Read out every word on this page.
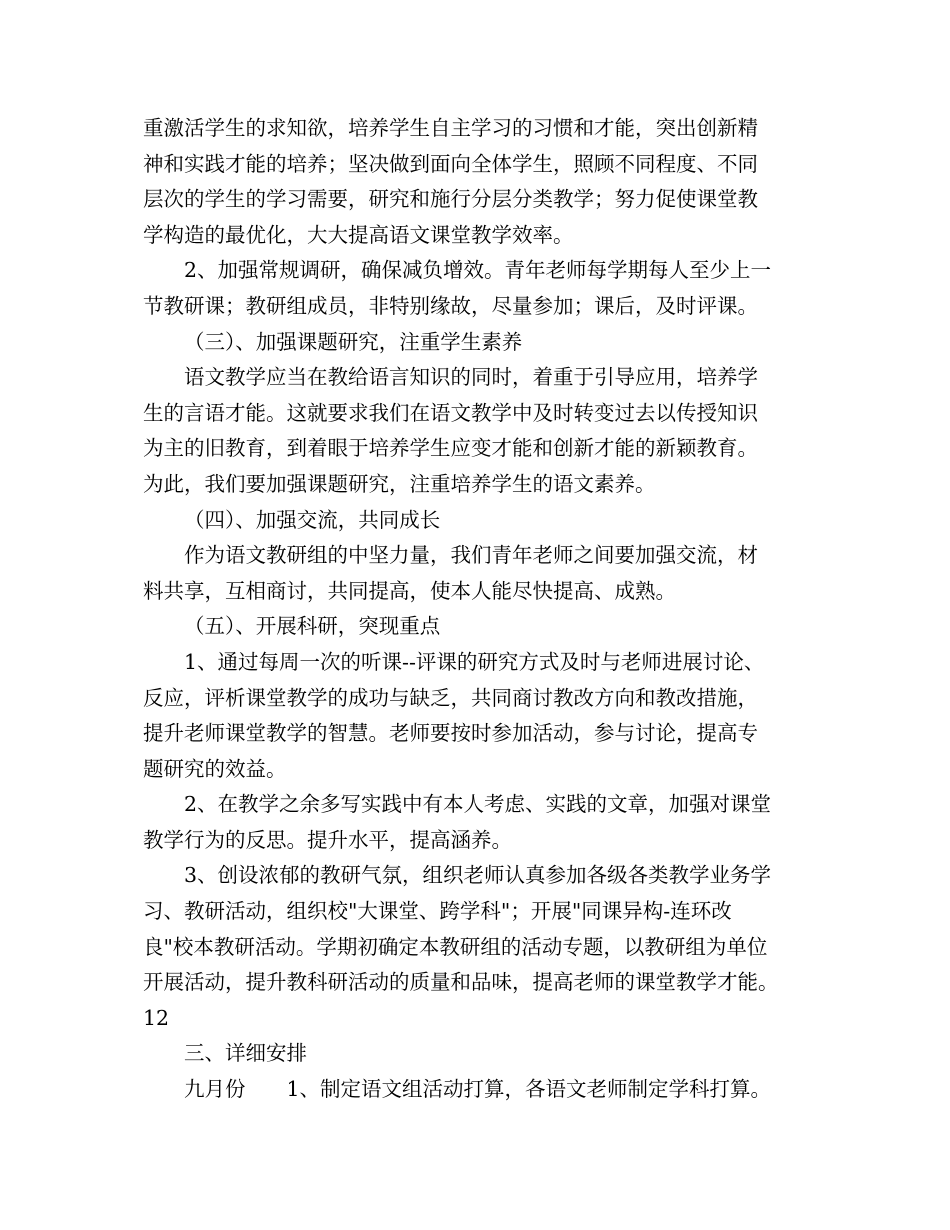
重激活学生的求知欲，培养学生自主学习的习惯和才能，突出创新精
神和实践才能的培养；坚决做到面向全体学生，照顾不同程度、不同
层次的学生的学习需要，研究和施行分层分类教学；努力促使课堂教
学构造的最优化，大大提高语文课堂教学效率。
2、加强常规调研，确保减负增效。青年老师每学期每人至少上一
节教研课；教研组成员，非特别缘故，尽量参加；课后，及时评课。
（三）、加强课题研究，注重学生素养
语文教学应当在教给语言知识的同时，着重于引导应用，培养学
生的言语才能。这就要求我们在语文教学中及时转变过去以传授知识
为主的旧教育，到着眼于培养学生应变才能和创新才能的新颖教育。
为此，我们要加强课题研究，注重培养学生的语文素养。
（四）、加强交流，共同成长
作为语文教研组的中坚力量，我们青年老师之间要加强交流，材
料共享，互相商讨，共同提高，使本人能尽快提高、成熟。
（五）、开展科研，突现重点
1、通过每周一次的听课--评课的研究方式及时与老师进展讨论、
反应，评析课堂教学的成功与缺乏，共同商讨教改方向和教改措施，
提升老师课堂教学的智慧。老师要按时参加活动，参与讨论，提高专
题研究的效益。
2、在教学之余多写实践中有本人考虑、实践的文章，加强对课堂
教学行为的反思。提升水平，提高涵养。
3、创设浓郁的教研气氛，组织老师认真参加各级各类教学业务学
习、教研活动，组织校"大课堂、跨学科"；开展"同课异构-连环改
良"校本教研活动。学期初确定本教研组的活动专题，以教研组为单位
开展活动，提升教科研活动的质量和品味，提高老师的课堂教学才能。
12
三、详细安排
九月份　　1、制定语文组活动打算，各语文老师制定学科打算。
